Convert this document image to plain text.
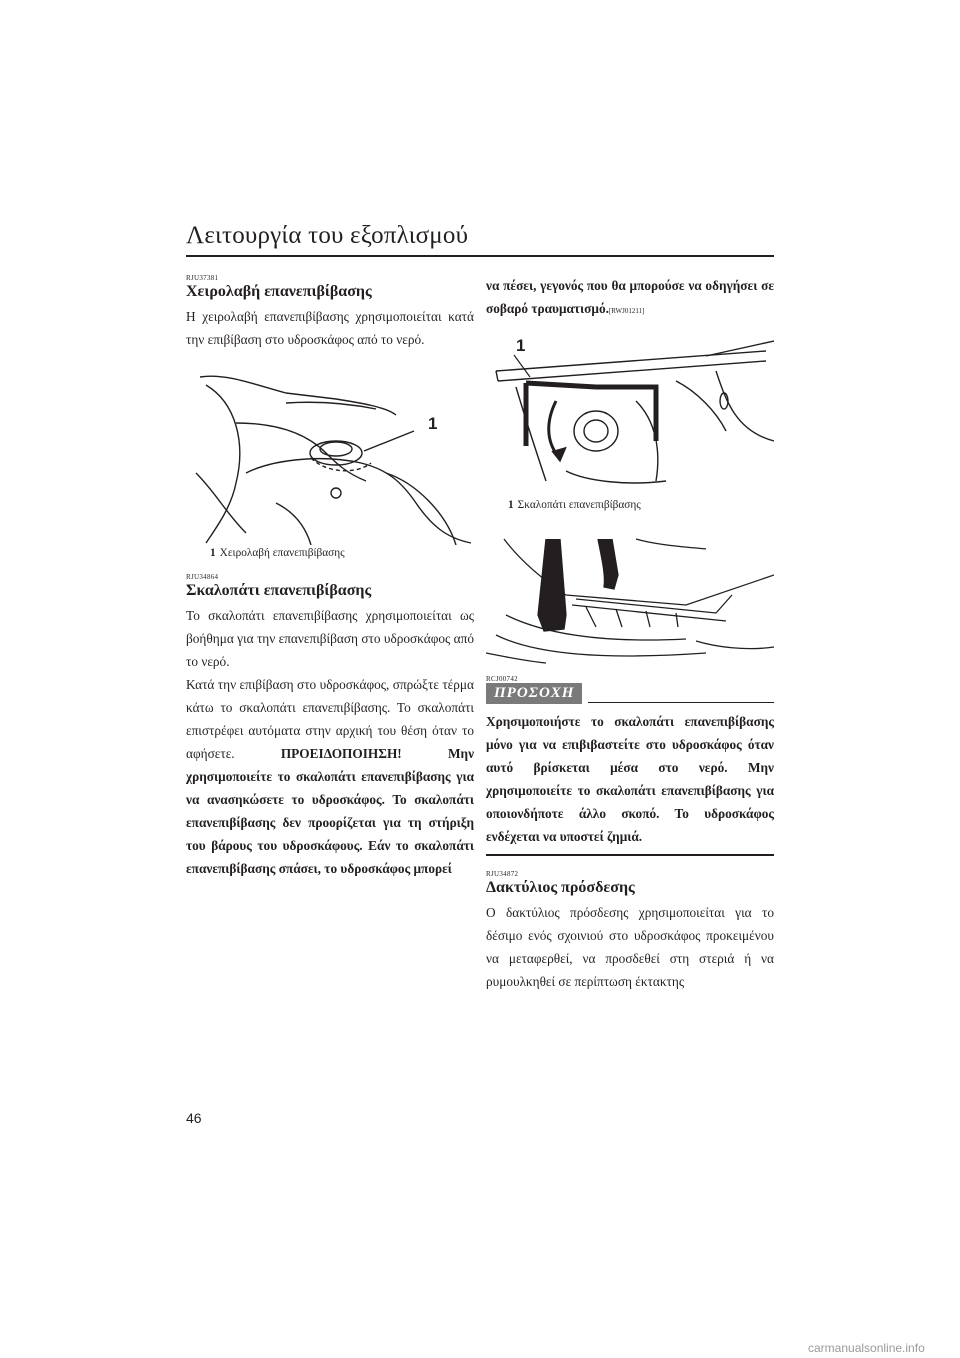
Λειτουργία του εξοπλισμού
RJU37381
Χειρολαβή επανεπιβίβασης

Η χειρολαβή επανεπιβίβασης χρησιμοποιείται κατά την επιβίβαση στο υδροσκάφος από το νερό.

1
1 Χειρολαβή επανεπιβίβασης
RJU34864
Σκαλοπάτι επανεπιβίβασης

Το σκαλοπάτι επανεπιβίβασης χρησιμοποιείται ως βοήθημα για την επανεπιβίβαση στο υδροσκάφος από το νερό.

Κατά την επιβίβαση στο υδροσκάφος, σπρώξτε τέρμα κάτω το σκαλοπάτι επανεπιβίβασης. Το σκαλοπάτι επιστρέφει αυτόματα στην αρχική του θέση όταν το αφήσετε.	ΠΡΟΕΙΔΟΠΟΙΗΣΗ!	Μην χρησιμοποιείτε το σκαλοπάτι επανεπιβίβασης για να ανασηκώσετε το υδροσκάφος. Το σκαλοπάτι επανεπιβίβασης δεν προορίζεται για τη στήριξη του βάρους του υδροσκάφους. Εάν το σκαλοπάτι επανεπιβίβασης σπάσει, το υδροσκάφος μπορεί

να πέσει, γεγονός που θα μπορούσε να οδηγήσει σε σοβαρό τραυματισμό.[RWJ01211]

1
1 Σκαλοπάτι επανεπιβίβασης
RCJ00742
ΠΡΟΣΟΧΗ

Χρησιμοποιήστε το σκαλοπάτι επανεπιβίβασης μόνο για να επιβιβαστείτε στο υδροσκάφος όταν αυτό βρίσκεται μέσα στο νερό. Μην χρησιμοποιείτε το σκαλοπάτι επανεπιβίβασης για οποιονδήποτε άλλο σκοπό. Το υδροσκάφος ενδέχεται να υποστεί ζημιά.

RJU34872
Δακτύλιος πρόσδεσης

Ο δακτύλιος πρόσδεσης χρησιμοποιείται για το δέσιμο ενός σχοινιού στο υδροσκάφος προκειμένου να μεταφερθεί, να προσδεθεί στη στεριά ή να ρυμουλκηθεί σε περίπτωση έκτακτης

46
carmanualsonline.info
